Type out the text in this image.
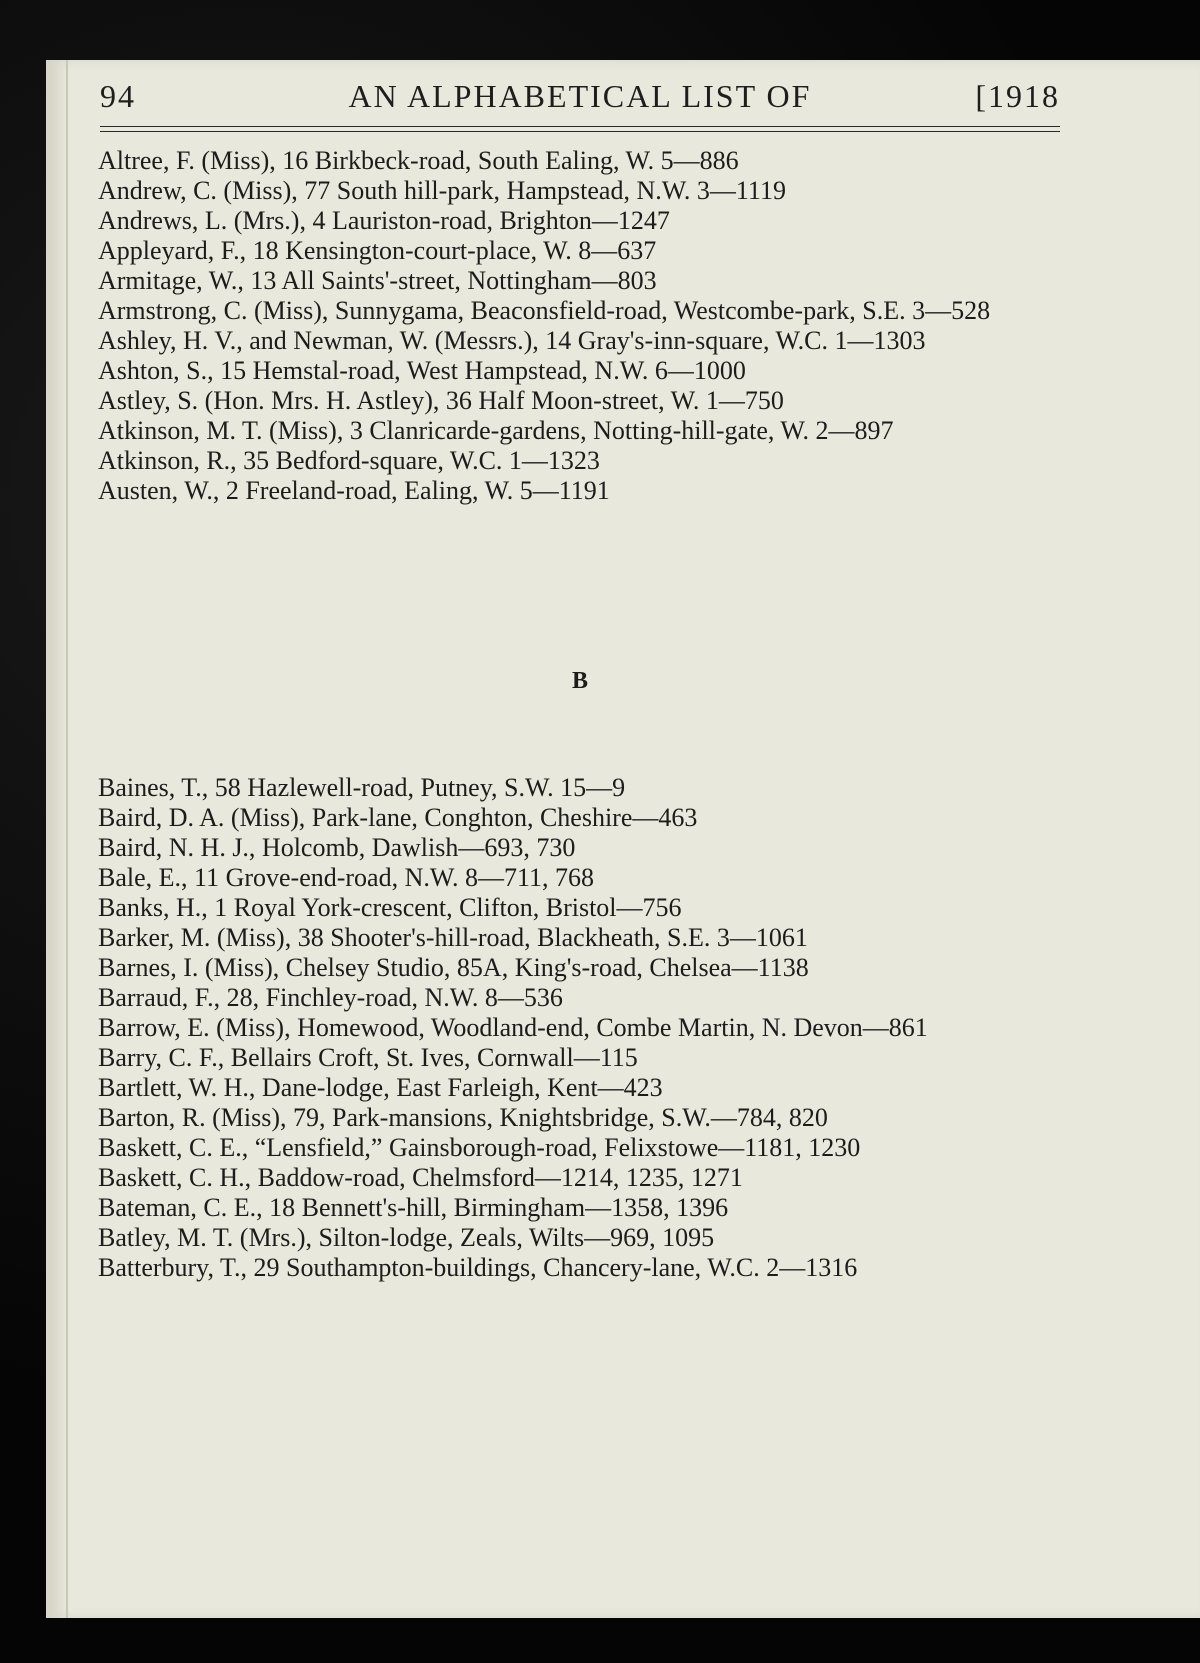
94	AN ALPHABETICAL LIST OF	[1918
Altree, F. (Miss), 16 Birkbeck-road, South Ealing, W. 5—886
Andrew, C. (Miss), 77 South hill-park, Hampstead, N.W. 3—1119
Andrews, L. (Mrs.), 4 Lauriston-road, Brighton—1247
Appleyard, F., 18 Kensington-court-place, W. 8—637
Armitage, W., 13 All Saints'-street, Nottingham—803
Armstrong, C. (Miss), Sunnygama, Beaconsfield-road, Westcombe-park, S.E. 3—528
Ashley, H. V., and Newman, W. (Messrs.), 14 Gray's-inn-square, W.C. 1—1303
Ashton, S., 15 Hemstal-road, West Hampstead, N.W. 6—1000
Astley, S. (Hon. Mrs. H. Astley), 36 Half Moon-street, W. 1—750
Atkinson, M. T. (Miss), 3 Clanricarde-gardens, Notting-hill-gate, W. 2—897
Atkinson, R., 35 Bedford-square, W.C. 1—1323
Austen, W., 2 Freeland-road, Ealing, W. 5—1191
B
Baines, T., 58 Hazlewell-road, Putney, S.W. 15—9
Baird, D. A. (Miss), Park-lane, Conghton, Cheshire—463
Baird, N. H. J., Holcomb, Dawlish—693, 730
Bale, E., 11 Grove-end-road, N.W. 8—711, 768
Banks, H., 1 Royal York-crescent, Clifton, Bristol—756
Barker, M. (Miss), 38 Shooter's-hill-road, Blackheath, S.E. 3—1061
Barnes, I. (Miss), Chelsey Studio, 85A, King's-road, Chelsea—1138
Barraud, F., 28, Finchley-road, N.W. 8—536
Barrow, E. (Miss), Homewood, Woodland-end, Combe Martin, N. Devon—861
Barry, C. F., Bellairs Croft, St. Ives, Cornwall—115
Bartlett, W. H., Dane-lodge, East Farleigh, Kent—423
Barton, R. (Miss), 79, Park-mansions, Knightsbridge, S.W.—784, 820
Baskett, C. E., “Lensfield,” Gainsborough-road, Felixstowe—1181, 1230
Baskett, C. H., Baddow-road, Chelmsford—1214, 1235, 1271
Bateman, C. E., 18 Bennett's-hill, Birmingham—1358, 1396
Batley, M. T. (Mrs.), Silton-lodge, Zeals, Wilts—969, 1095
Batterbury, T., 29 Southampton-buildings, Chancery-lane, W.C. 2—1316
